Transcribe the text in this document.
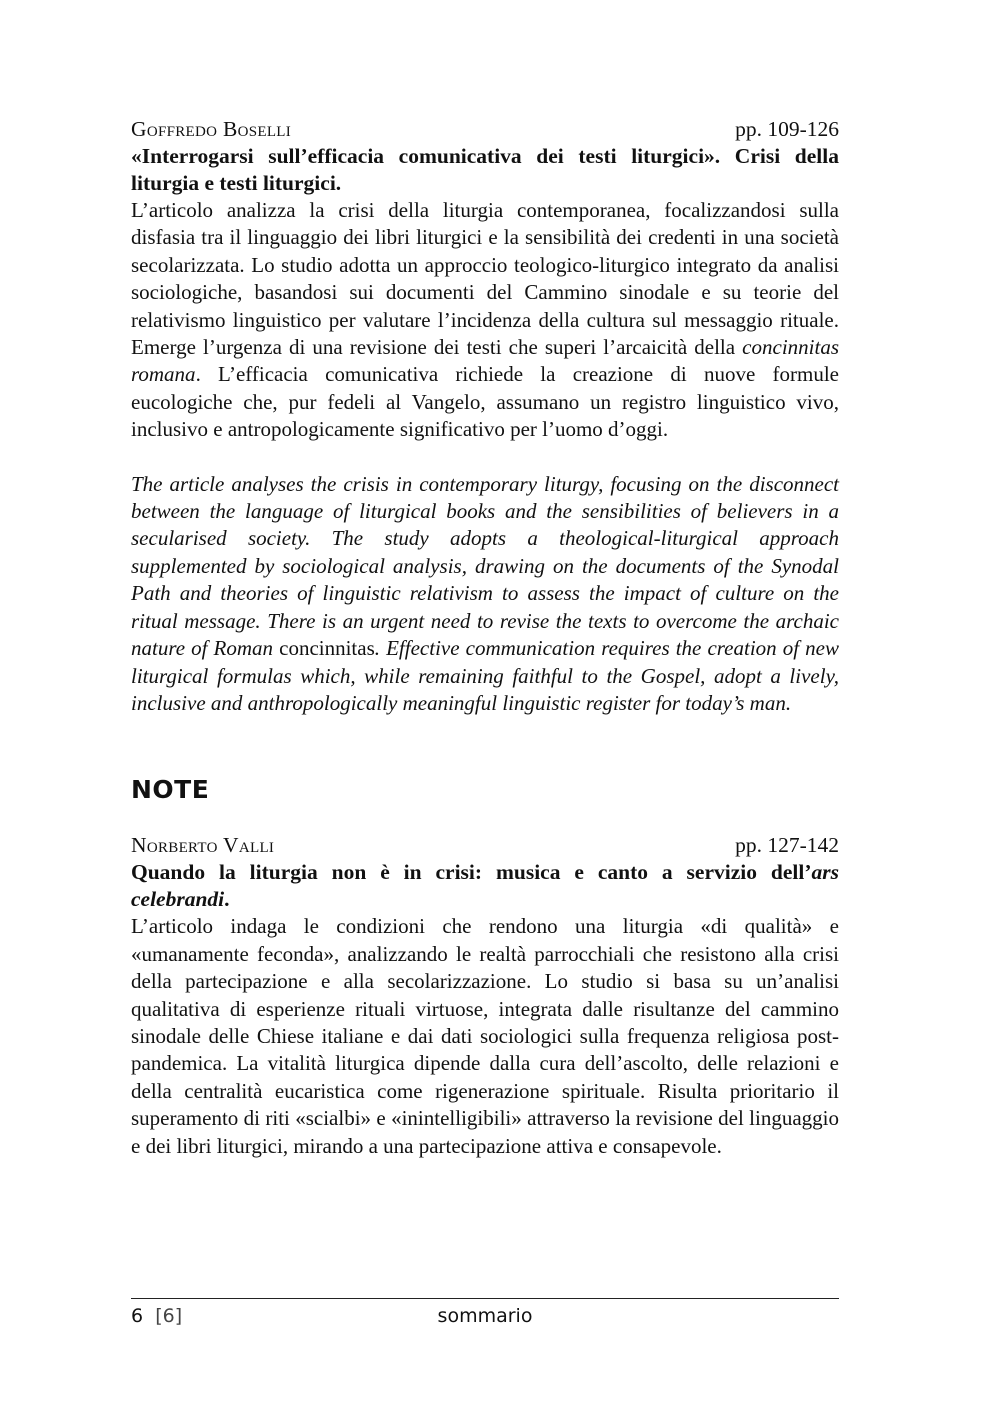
Goffredo Boselli	pp. 109-126
«Interrogarsi sull’efficacia comunicativa dei testi liturgici». Crisi della liturgia e testi liturgici.
L’articolo analizza la crisi della liturgia contemporanea, focalizzandosi sulla disfasia tra il linguaggio dei libri liturgici e la sensibilità dei credenti in una società secolarizzata. Lo studio adotta un approccio teologico-liturgico integrato da analisi sociologiche, basandosi sui documenti del Cammino sinodale e su teorie del relativismo linguistico per valutare l’incidenza della cultura sul messaggio rituale. Emerge l’urgenza di una revisione dei testi che superi l’arcaicità della concinnitas romana. L’efficacia comunicativa richiede la creazione di nuove formule eucologiche che, pur fedeli al Vangelo, assumano un registro linguistico vivo, inclusivo e antropologicamente significativo per l’uomo d’oggi.
The article analyses the crisis in contemporary liturgy, focusing on the disconnect between the language of liturgical books and the sensibilities of believers in a secularised society. The study adopts a theological-liturgical approach supplemented by sociological analysis, drawing on the documents of the Synodal Path and theories of linguistic relativism to assess the impact of culture on the ritual message. There is an urgent need to revise the texts to overcome the archaic nature of Roman concinnitas. Effective communication requires the creation of new liturgical formulas which, while remaining faithful to the Gospel, adopt a lively, inclusive and anthropologically meaningful linguistic register for today’s man.
NOTE
Norberto Valli	pp. 127-142
Quando la liturgia non è in crisi: musica e canto a servizio dell’ars celebrandi.
L’articolo indaga le condizioni che rendono una liturgia «di qualità» e «umanamente feconda», analizzando le realtà parrocchiali che resistono alla crisi della partecipazione e alla secolarizzazione. Lo studio si basa su un’analisi qualitativa di esperienze rituali virtuose, integrata dalle risultanze del cammino sinodale delle Chiese italiane e dai dati sociologici sulla frequenza religiosa post-pandemica. La vitalità liturgica dipende dalla cura dell’ascolto, delle relazioni e della centralità eucaristica come rigenerazione spirituale. Risulta prioritario il superamento di riti «scialbi» e «inintelligibili» attraverso la revisione del linguaggio e dei libri liturgici, mirando a una partecipazione attiva e consapevole.
6 [6]	sommario
